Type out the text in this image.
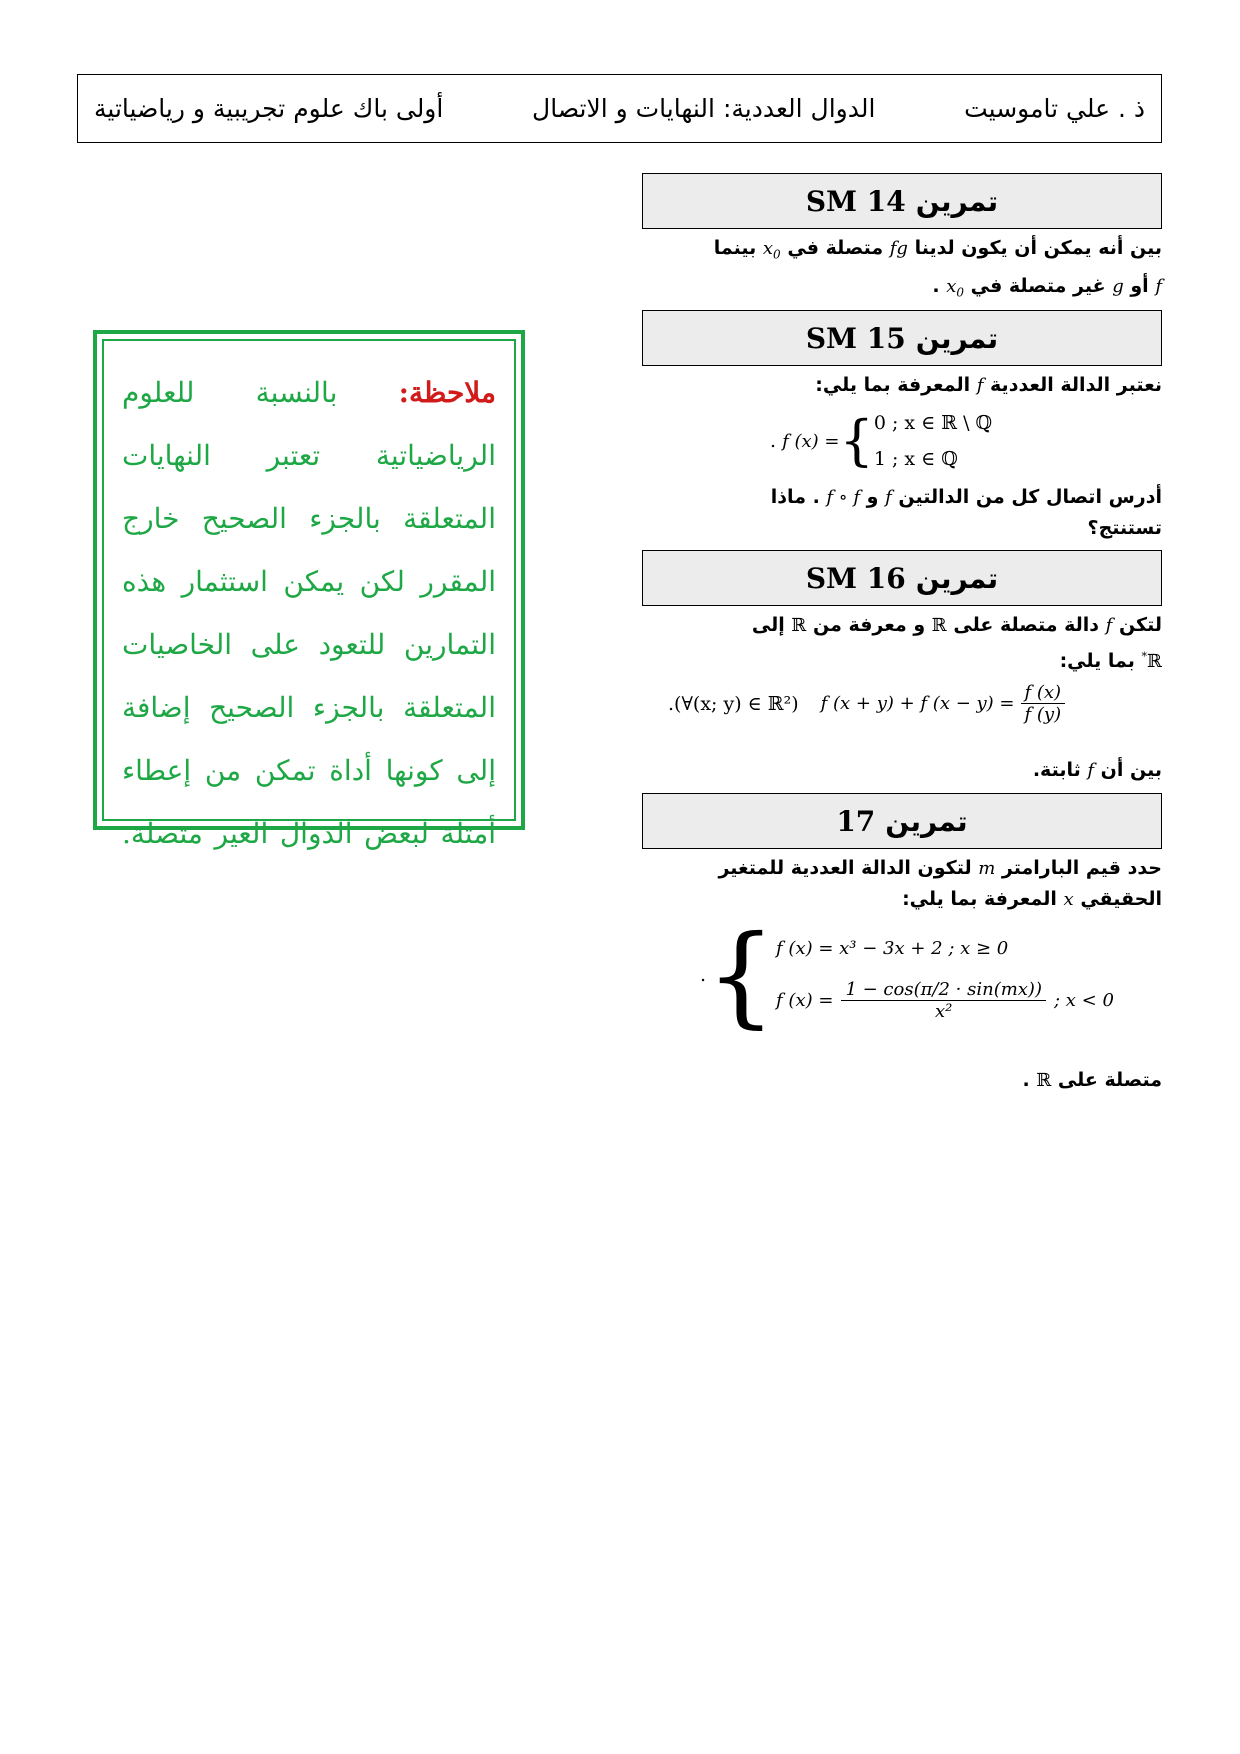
ذ . علي تاموسيت
الدوال العددية: النهايات و الاتصال
أولى باك علوم تجريبية و رياضياتية
تمرين
SM 14
بين أنه يمكن أن يكون لدينا fg متصلة في $x_0$ بينما
f أو g غير متصلة في $x_0$ .
تمرين
SM 15
نعتبر الدالة العددية f المعرفة بما يلي:
. f (x) = { 0 ; x ∈ ℝ \ ℚ
1 ; x ∈ ℚ
أدرس اتصال كل من الدالتين f و f ∘ f . ماذا
تستنتج؟
تمرين
SM 16
لتكن f دالة متصلة على ℝ و معرفة من ℝ إلى
ℝ* بما يلي:
. (∀(x; y) ∈ ℝ²) f (x + y) + f $(x - y) = \frac{f (x)}{f (y)}$
بين أن f ثابتة.
تمرين
17
حدد قيم البارامتر m لتكون الدالة العددية للمتغير
الحقيقي x المعرفة بما يلي:
. { f (x) = x³ − 3x + 2 ; x ≥ 0
f $(x) = \frac{1 - \cos(\pi/2 \cdot \sin(mx))}{\text{x²}}$ ; x < 0
متصلة على ℝ .
ملاحظة: بالنسبة للعلوم الرياضياتية تعتبر النهايات المتعلقة بالجزء الصحيح خارج المقرر لكن يمكن استثمار هذه التمارين للتعود على الخاصيات المتعلقة بالجزء الصحيح إضافة إلى كونها أداة تمكن من إعطاء أمثلة لبعض الدوال الغير متصلة.
